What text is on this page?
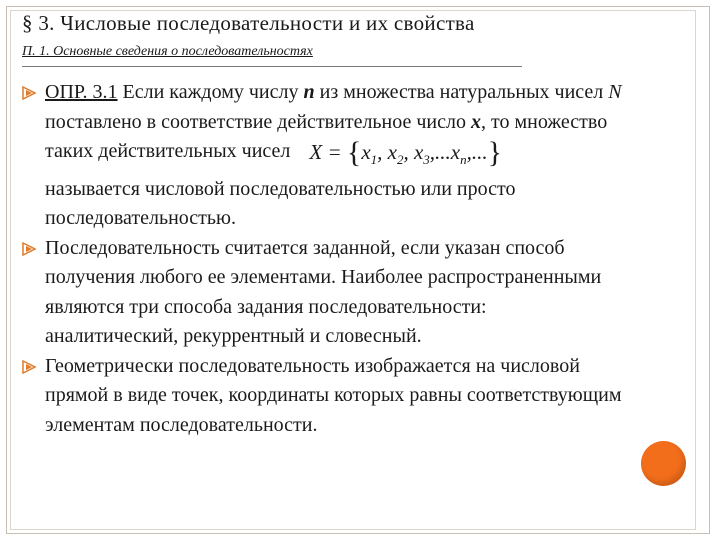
§ 3. Числовые последовательности и их свойства
П. 1. Основные сведения о последовательностях
ОПР. 3.1 Если каждому числу n из множества натуральных чисел N поставлено в соответствие действительное число x, то множество таких действительных чисел $X = \{x_1$, $x_2$, $x_3,...x_n$,...}
называется числовой последовательностью или просто последовательностью.
Последовательность считается заданной, если указан способ получения любого ее элементами. Наиболее распространенными являются три способа задания последовательности: аналитический, рекуррентный и словесный.
Геометрически последовательность изображается на числовой прямой в виде точек, координаты которых равны соответствующим элементам последовательности.
